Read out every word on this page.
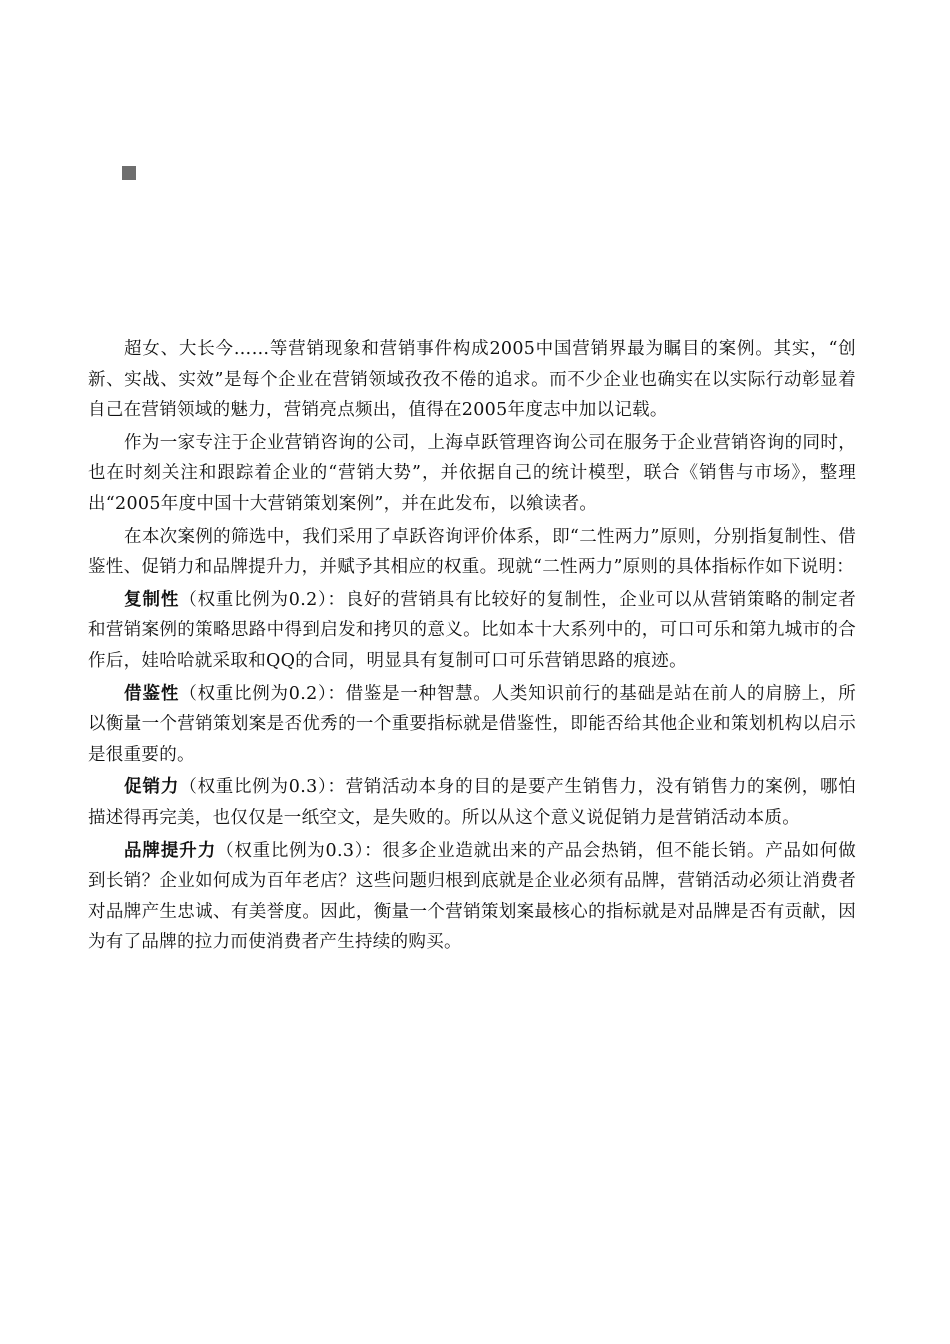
超女、大长今……等营销现象和营销事件构成2005中国营销界最为瞩目的案例。其实，“创新、实战、实效”是每个企业在营销领域孜孜不倦的追求。而不少企业也确实在以实际行动彰显着自己在营销领域的魅力，营销亮点频出，值得在2005年度志中加以记载。

作为一家专注于企业营销咨询的公司，上海卓跃管理咨询公司在服务于企业营销咨询的同时，也在时刻关注和跟踪着企业的“营销大势”，并依据自己的统计模型，联合《销售与市场》，整理出“2005年度中国十大营销策划案例”，并在此发布，以飨读者。

在本次案例的筛选中，我们采用了卓跃咨询评价体系，即“二性两力”原则，分别指复制性、借鉴性、促销力和品牌提升力，并赋予其相应的权重。现就“二性两力”原则的具体指标作如下说明：

复制性（权重比例为0.2）：良好的营销具有比较好的复制性，企业可以从营销策略的制定者和营销案例的策略思路中得到启发和拷贝的意义。比如本十大系列中的，可口可乐和第九城市的合作后，娃哈哈就采取和QQ的合同，明显具有复制可口可乐营销思路的痕迹。

借鉴性（权重比例为0.2）：借鉴是一种智慧。人类知识前行的基础是站在前人的肩膀上，所以衡量一个营销策划案是否优秀的一个重要指标就是借鉴性，即能否给其他企业和策划机构以启示是很重要的。

促销力（权重比例为0.3）：营销活动本身的目的是要产生销售力，没有销售力的案例，哪怕描述得再完美，也仅仅是一纸空文，是失败的。所以从这个意义说促销力是营销活动本质。

品牌提升力（权重比例为0.3）：很多企业造就出来的产品会热销，但不能长销。产品如何做到长销？企业如何成为百年老店？这些问题归根到底就是企业必须有品牌，营销活动必须让消费者对品牌产生忠诚、有美誉度。因此，衡量一个营销策划案最核心的指标就是对品牌是否有贡献，因为有了品牌的拉力而使消费者产生持续的购买。
